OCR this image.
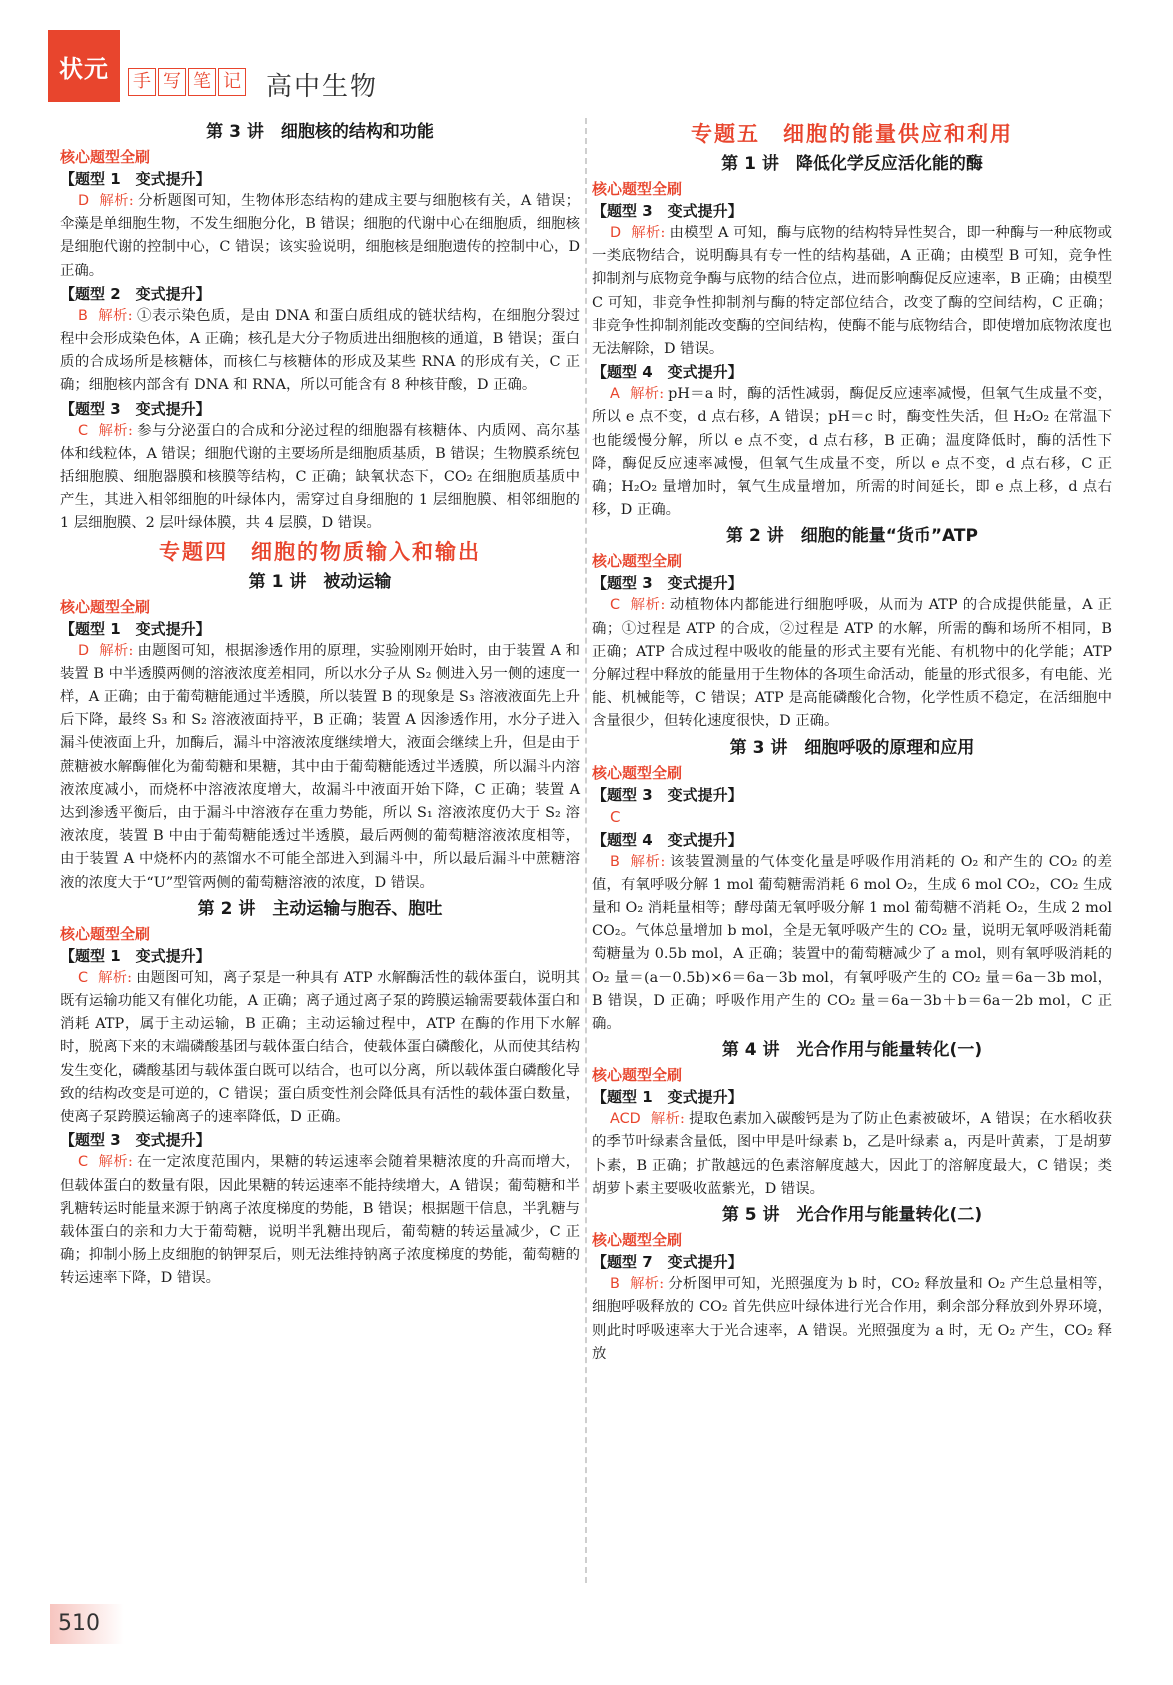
状元	手 写 笔 记 高中生物
第 3 讲　细胞核的结构和功能
核心题型全刷
【题型 1　变式提升】
D 解析: 分析题图可知，生物体形态结构的建成主要与细胞核有关，A 错误；伞藻是单细胞生物，不发生细胞分化，B 错误；细胞的代谢中心在细胞质，细胞核是细胞代谢的控制中心，C 错误；该实验说明，细胞核是细胞遗传的控制中心，D 正确。
【题型 2　变式提升】
B 解析: ①表示染色质，是由 DNA 和蛋白质组成的链状结构，在细胞分裂过程中会形成染色体，A 正确；核孔是大分子物质进出细胞核的通道，B 错误；蛋白质的合成场所是核糖体，而核仁与核糖体的形成及某些 RNA 的形成有关，C 正确；细胞核内部含有 DNA 和 RNA，所以可能含有 8 种核苷酸，D 正确。
【题型 3　变式提升】
C 解析: 参与分泌蛋白的合成和分泌过程的细胞器有核糖体、内质网、高尔基体和线粒体，A 错误；细胞代谢的主要场所是细胞质基质，B 错误；生物膜系统包括细胞膜、细胞器膜和核膜等结构，C 正确；缺氧状态下，CO₂ 在细胞质基质中产生，其进入相邻细胞的叶绿体内，需穿过自身细胞的 1 层细胞膜、相邻细胞的 1 层细胞膜、2 层叶绿体膜，共 4 层膜，D 错误。
专题四　细胞的物质输入和输出
第 1 讲　被动运输
核心题型全刷
【题型 1　变式提升】
D 解析: 由题图可知，根据渗透作用的原理，实验刚刚开始时，由于装置 A 和装置 B 中半透膜两侧的溶液浓度差相同，所以水分子从 S₂ 侧进入另一侧的速度一样，A 正确；由于葡萄糖能通过半透膜，所以装置 B 的现象是 S₃ 溶液液面先上升后下降，最终 S₃ 和 S₂ 溶液液面持平，B 正确；装置 A 因渗透作用，水分子进入漏斗使液面上升，加酶后，漏斗中溶液浓度继续增大，液面会继续上升，但是由于蔗糖被水解酶催化为葡萄糖和果糖，其中由于葡萄糖能透过半透膜，所以漏斗内溶液浓度减小，而烧杯中溶液浓度增大，故漏斗中液面开始下降，C 正确；装置 A 达到渗透平衡后，由于漏斗中溶液存在重力势能，所以 S₁ 溶液浓度仍大于 S₂ 溶液浓度，装置 B 中由于葡萄糖能透过半透膜，最后两侧的葡萄糖溶液浓度相等，由于装置 A 中烧杯内的蒸馏水不可能全部进入到漏斗中，所以最后漏斗中蔗糖溶液的浓度大于“U”型管两侧的葡萄糖溶液的浓度，D 错误。
第 2 讲　主动运输与胞吞、胞吐
核心题型全刷
【题型 1　变式提升】
C 解析: 由题图可知，离子泵是一种具有 ATP 水解酶活性的载体蛋白，说明其既有运输功能又有催化功能，A 正确；离子通过离子泵的跨膜运输需要载体蛋白和消耗 ATP，属于主动运输，B 正确；主动运输过程中，ATP 在酶的作用下水解时，脱离下来的末端磷酸基团与载体蛋白结合，使载体蛋白磷酸化，从而使其结构发生变化，磷酸基团与载体蛋白既可以结合，也可以分离，所以载体蛋白磷酸化导致的结构改变是可逆的，C 错误；蛋白质变性剂会降低具有活性的载体蛋白数量，使离子泵跨膜运输离子的速率降低，D 正确。
【题型 3　变式提升】
C 解析: 在一定浓度范围内，果糖的转运速率会随着果糖浓度的升高而增大，但载体蛋白的数量有限，因此果糖的转运速率不能持续增大，A 错误；葡萄糖和半乳糖转运时能量来源于钠离子浓度梯度的势能，B 错误；根据题干信息，半乳糖与载体蛋白的亲和力大于葡萄糖，说明半乳糖出现后，葡萄糖的转运量减少，C 正确；抑制小肠上皮细胞的钠钾泵后，则无法维持钠离子浓度梯度的势能，葡萄糖的转运速率下降，D 错误。
专题五　细胞的能量供应和利用
第 1 讲　降低化学反应活化能的酶
核心题型全刷
【题型 3　变式提升】
D 解析: 由模型 A 可知，酶与底物的结构特异性契合，即一种酶与一种底物或一类底物结合，说明酶具有专一性的结构基础，A 正确；由模型 B 可知，竞争性抑制剂与底物竞争酶与底物的结合位点，进而影响酶促反应速率，B 正确；由模型 C 可知，非竞争性抑制剂与酶的特定部位结合，改变了酶的空间结构，C 正确；非竞争性抑制剂能改变酶的空间结构，使酶不能与底物结合，即使增加底物浓度也无法解除，D 错误。
【题型 4　变式提升】
A 解析: pH＝a 时，酶的活性减弱，酶促反应速率减慢，但氧气生成量不变，所以 e 点不变，d 点右移，A 错误；pH＝c 时，酶变性失活，但 H₂O₂ 在常温下也能缓慢分解，所以 e 点不变，d 点右移，B 正确；温度降低时，酶的活性下降，酶促反应速率减慢，但氧气生成量不变，所以 e 点不变，d 点右移，C 正确；H₂O₂ 量增加时，氧气生成量增加，所需的时间延长，即 e 点上移，d 点右移，D 正确。
第 2 讲　细胞的能量“货币”ATP
核心题型全刷
【题型 3　变式提升】
C 解析: 动植物体内都能进行细胞呼吸，从而为 ATP 的合成提供能量，A 正确；①过程是 ATP 的合成，②过程是 ATP 的水解，所需的酶和场所不相同，B 正确；ATP 合成过程中吸收的能量的形式主要有光能、有机物中的化学能；ATP 分解过程中释放的能量用于生物体的各项生命活动，能量的形式很多，有电能、光能、机械能等，C 错误；ATP 是高能磷酸化合物，化学性质不稳定，在活细胞中含量很少，但转化速度很快，D 正确。
第 3 讲　细胞呼吸的原理和应用
核心题型全刷
【题型 3　变式提升】
C
【题型 4　变式提升】
B 解析: 该装置测量的气体变化量是呼吸作用消耗的 O₂ 和产生的 CO₂ 的差值，有氧呼吸分解 1 mol 葡萄糖需消耗 6 mol O₂，生成 6 mol CO₂，CO₂ 生成量和 O₂ 消耗量相等；酵母菌无氧呼吸分解 1 mol 葡萄糖不消耗 O₂，生成 2 mol CO₂。气体总量增加 b mol，全是无氧呼吸产生的 CO₂ 量，说明无氧呼吸消耗葡萄糖量为 0.5b mol，A 正确；装置中的葡萄糖减少了 a mol，则有氧呼吸消耗的 O₂ 量＝(a－0.5b)×6＝6a－3b mol，有氧呼吸产生的 CO₂ 量＝6a－3b mol，B 错误，D 正确；呼吸作用产生的 CO₂ 量＝6a－3b＋b＝6a－2b mol，C 正确。
第 4 讲　光合作用与能量转化(一)
核心题型全刷
【题型 1　变式提升】
ACD 解析: 提取色素加入碳酸钙是为了防止色素被破坏，A 错误；在水稻收获的季节叶绿素含量低，图中甲是叶绿素 b，乙是叶绿素 a，丙是叶黄素，丁是胡萝卜素，B 正确；扩散越远的色素溶解度越大，因此丁的溶解度最大，C 错误；类胡萝卜素主要吸收蓝紫光，D 错误。
第 5 讲　光合作用与能量转化(二)
核心题型全刷
【题型 7　变式提升】
B 解析: 分析图甲可知，光照强度为 b 时，CO₂ 释放量和 O₂ 产生总量相等，细胞呼吸释放的 CO₂ 首先供应叶绿体进行光合作用，剩余部分释放到外界环境，则此时呼吸速率大于光合速率，A 错误。光照强度为 a 时，无 O₂ 产生，CO₂ 释放
510
